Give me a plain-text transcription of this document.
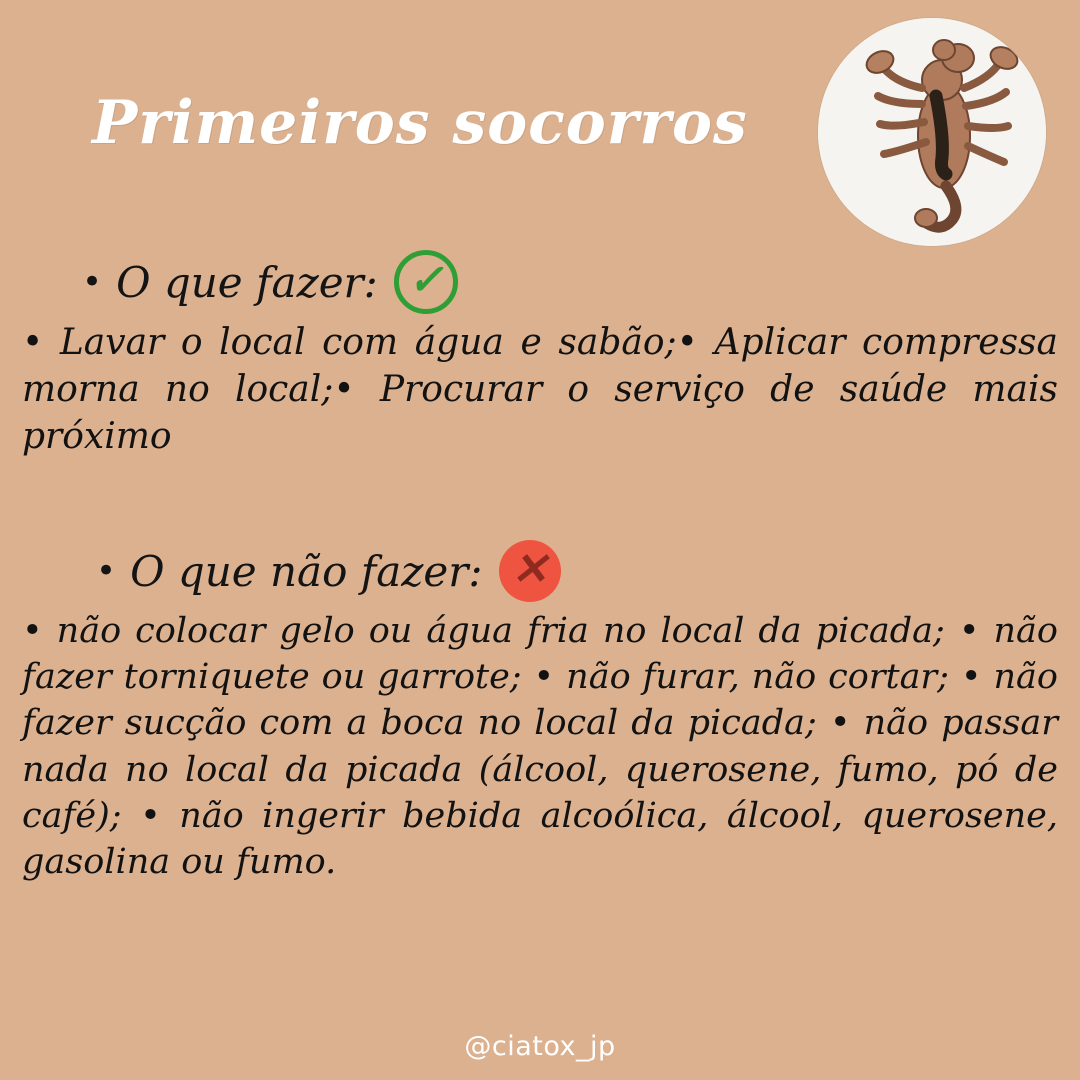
Primeiros socorros
• O que fazer: ✓
• Lavar o local com água e sabão;• Aplicar compressa morna no local;• Procurar o serviço de saúde mais próximo
• O que não fazer: ✕
• não colocar gelo ou água fria no local da picada; • não fazer torniquete ou garrote; • não furar, não cortar; • não fazer sucção com a boca no local da picada; • não passar nada no local da picada (álcool, querosene, fumo, pó de café); • não ingerir bebida alcoólica, álcool, querosene, gasolina ou fumo.
@ciatox_jp
